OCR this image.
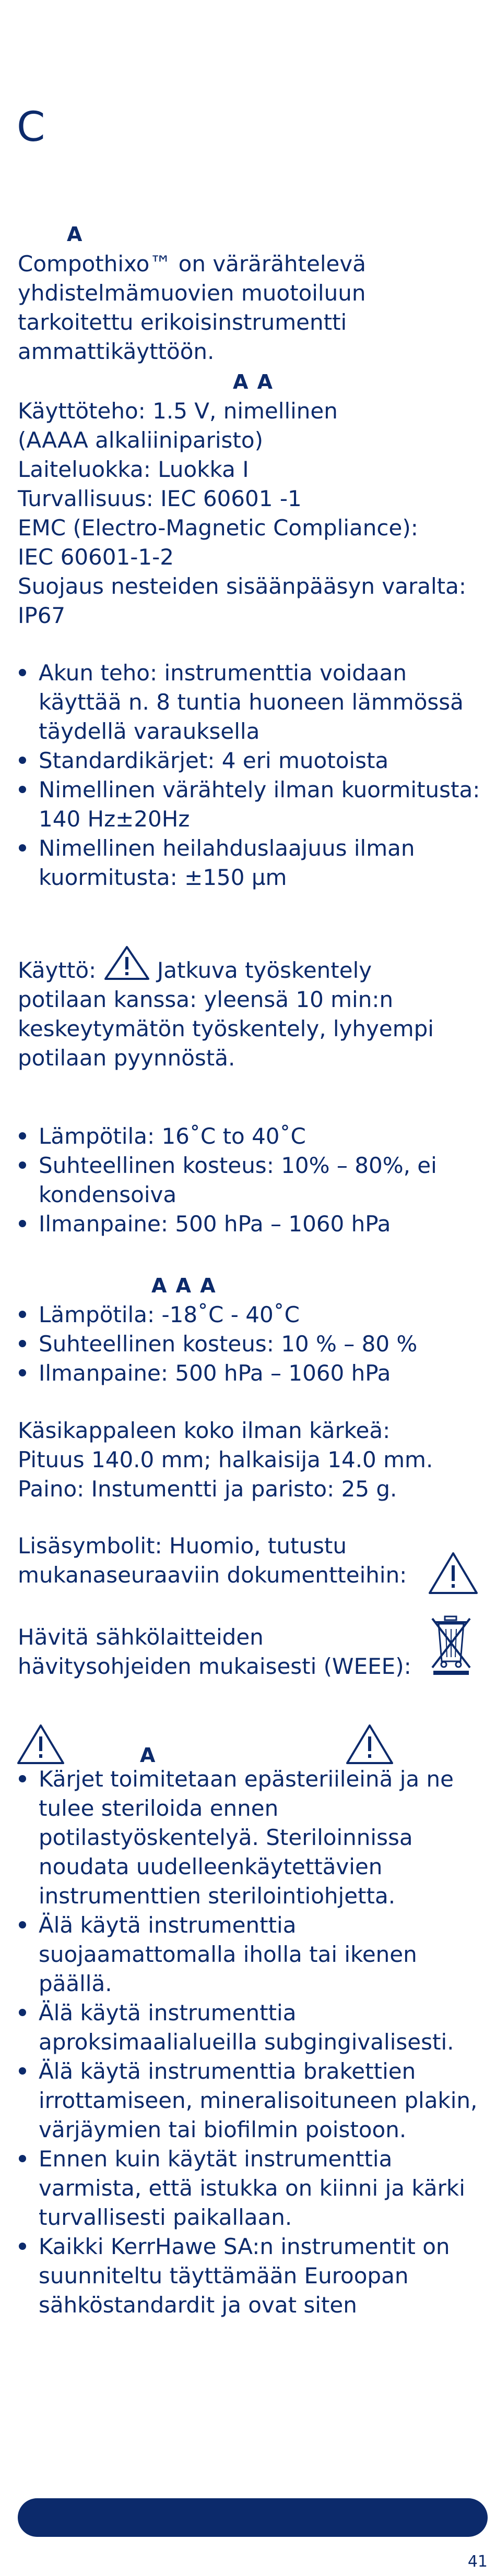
C
A

Compothixo™ on värärähtelevä yhdistelmämuovien muotoiluun tarkoitettu erikoisinstrumentti ammattikäyttöön.

A A

Käyttöteho: 1.5 V, nimellinen

(AAAA alkaliiniparisto)

Laiteluokka: Luokka I

Turvallisuus: IEC 60601 -1

EMC (Electro-Magnetic Compliance):

IEC 60601-1-2

Suojaus nesteiden sisäänpääsyn varalta:

IP67

Akun teho: instrumenttia voidaan käyttää n. 8 tuntia huoneen lämmössä täydellä varauksella
Standardikärjet: 4 eri muotoista
Nimellinen värähtely ilman kuormitusta: 140 Hz±20Hz
Nimellinen heilahduslaajuus ilman kuormitusta: ±150 µm

Käyttö:	Jatkuva työskentely

potilaan kanssa: yleensä 10 min:n keskeytymätön työskentely, lyhyempi potilaan pyynnöstä.

Lämpötila: 16˚C to 40˚C
Suhteellinen kosteus: 10% – 80%, ei kondensoiva
Ilmanpaine: 500 hPa – 1060 hPa
A A A
Lämpötila: -18˚C - 40˚C
Suhteellinen kosteus: 10 % – 80 %
Ilmanpaine: 500 hPa – 1060 hPa

Käsikappaleen koko ilman kärkeä:

Pituus 140.0 mm; halkaisija 14.0 mm.

Paino: Instumentti ja paristo: 25 g.

Lisäsymbolit: Huomio, tutustu mukanaseuraaviin dokumentteihin:
Hävitä sähkölaitteiden hävitysohjeiden mukaisesti (WEEE):
A
Kärjet toimitetaan epästeriileinä ja ne tulee steriloida ennen potilastyöskentelyä. Steriloinnissa noudata uudelleenkäytettävien instrumenttien sterilointiohjetta.
Älä käytä instrumenttia suojaamattomalla iholla tai ikenen päällä.
Älä käytä instrumenttia aproksimaalialueilla subgingivalisesti.
Älä käytä instrumenttia brakettien irrottamiseen, mineralisoituneen plakin, värjäymien tai biofilmin poistoon.
Ennen kuin käytät instrumenttia varmista, että istukka on kiinni ja kärki turvallisesti paikallaan.
Kaikki KerrHawe SA:n instrumentit on suunniteltu täyttämään Euroopan sähköstandardit ja ovat siten
41
